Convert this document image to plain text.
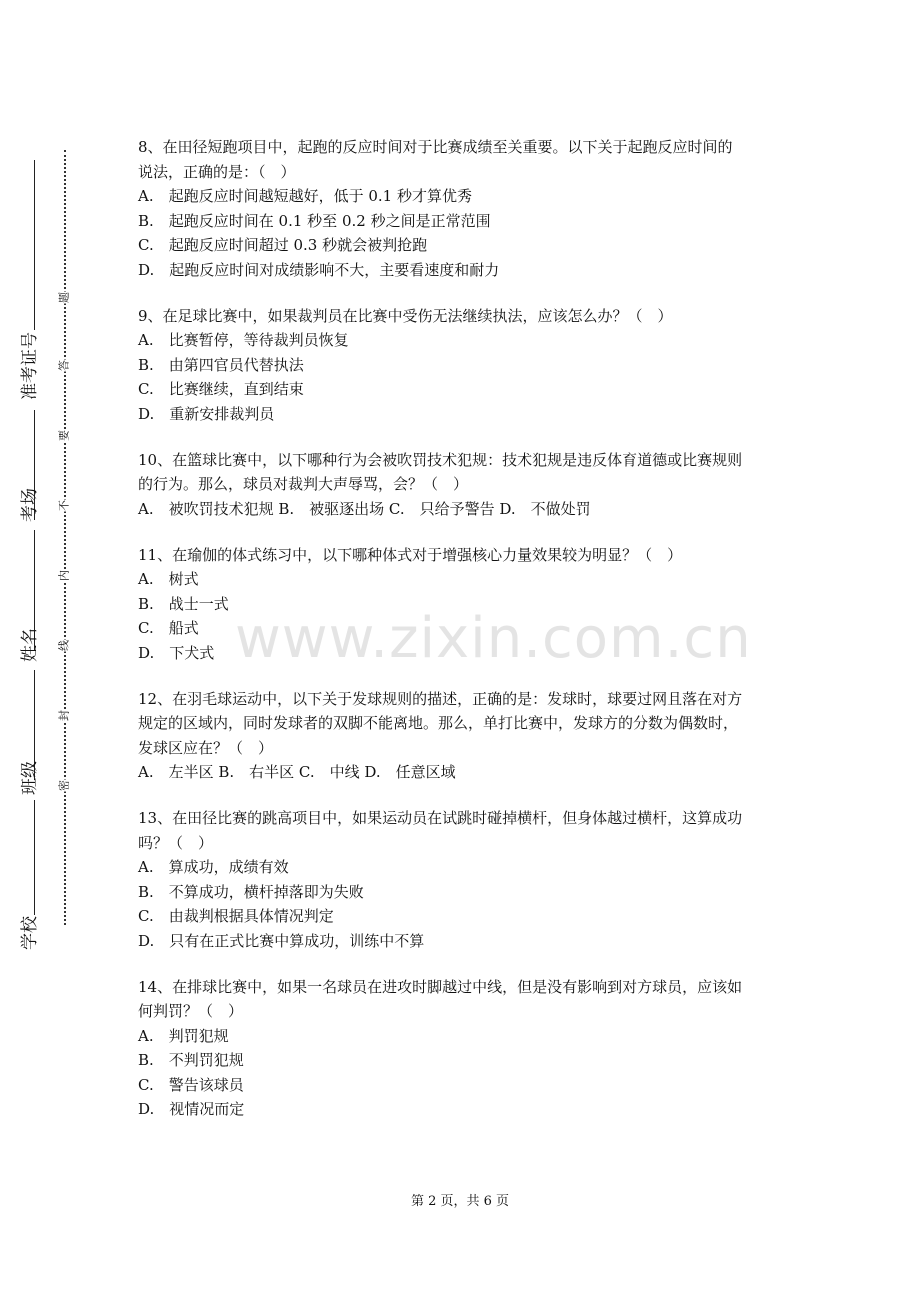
准考证号
考场
姓名
班级
学校
题
答
要
不
内
线
封
密
www.zixin.com.cn

8、在田径短跑项目中，起跑的反应时间对于比赛成绩至关重要。以下关于起跑反应时间的

说法，正确的是：（　）

A.　起跑反应时间越短越好，低于 0.1 秒才算优秀

B.　起跑反应时间在 0.1 秒至 0.2 秒之间是正常范围

C.　起跑反应时间超过 0.3 秒就会被判抢跑

D.　起跑反应时间对成绩影响不大，主要看速度和耐力

9、在足球比赛中，如果裁判员在比赛中受伤无法继续执法，应该怎么办？（　）

A.　比赛暂停，等待裁判员恢复

B.　由第四官员代替执法

C.　比赛继续，直到结束

D.　重新安排裁判员

10、在篮球比赛中，以下哪种行为会被吹罚技术犯规：技术犯规是违反体育道德或比赛规则

的行为。那么，球员对裁判大声辱骂，会？（　）

A.　被吹罚技术犯规 B.　被驱逐出场 C.　只给予警告 D.　不做处罚

11、在瑜伽的体式练习中，以下哪种体式对于增强核心力量效果较为明显？（　）

A.　树式

B.　战士一式

C.　船式

D.　下犬式

12、在羽毛球运动中，以下关于发球规则的描述，正确的是：发球时，球要过网且落在对方

规定的区域内，同时发球者的双脚不能离地。那么，单打比赛中，发球方的分数为偶数时，

发球区应在？（　）

A.　左半区 B.　右半区 C.　中线 D.　任意区域

13、在田径比赛的跳高项目中，如果运动员在试跳时碰掉横杆，但身体越过横杆，这算成功

吗？（　）

A.　算成功，成绩有效

B.　不算成功，横杆掉落即为失败

C.　由裁判根据具体情况判定

D.　只有在正式比赛中算成功，训练中不算

14、在排球比赛中，如果一名球员在进攻时脚越过中线，但是没有影响到对方球员，应该如

何判罚？（　）

A.　判罚犯规

B.　不判罚犯规

C.　警告该球员

D.　视情况而定

第 2 页，共 6 页
